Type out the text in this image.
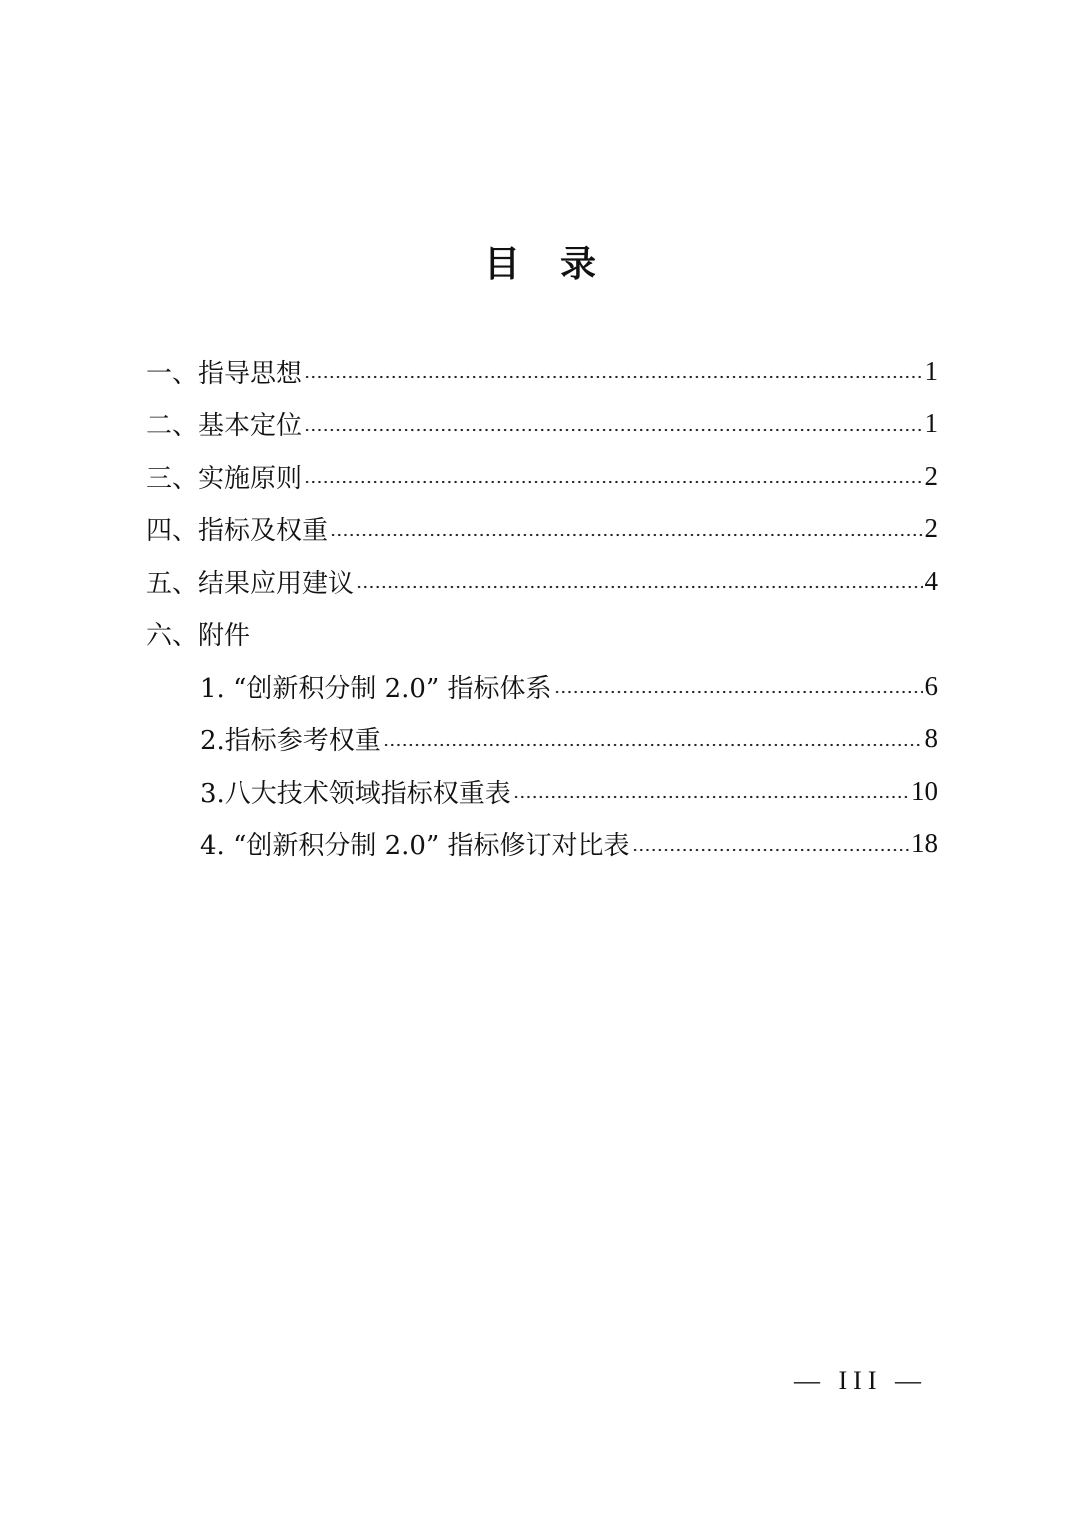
目录
一、指导思想	1
二、基本定位	1
三、实施原则	2
四、指标及权重	2
五、结果应用建议	4
六、附件
1. “创新积分制 2.0” 指标体系	6
2.指标参考权重	8
3.八大技术领域指标权重表	10
4. “创新积分制 2.0” 指标修订对比表	18
— III —
